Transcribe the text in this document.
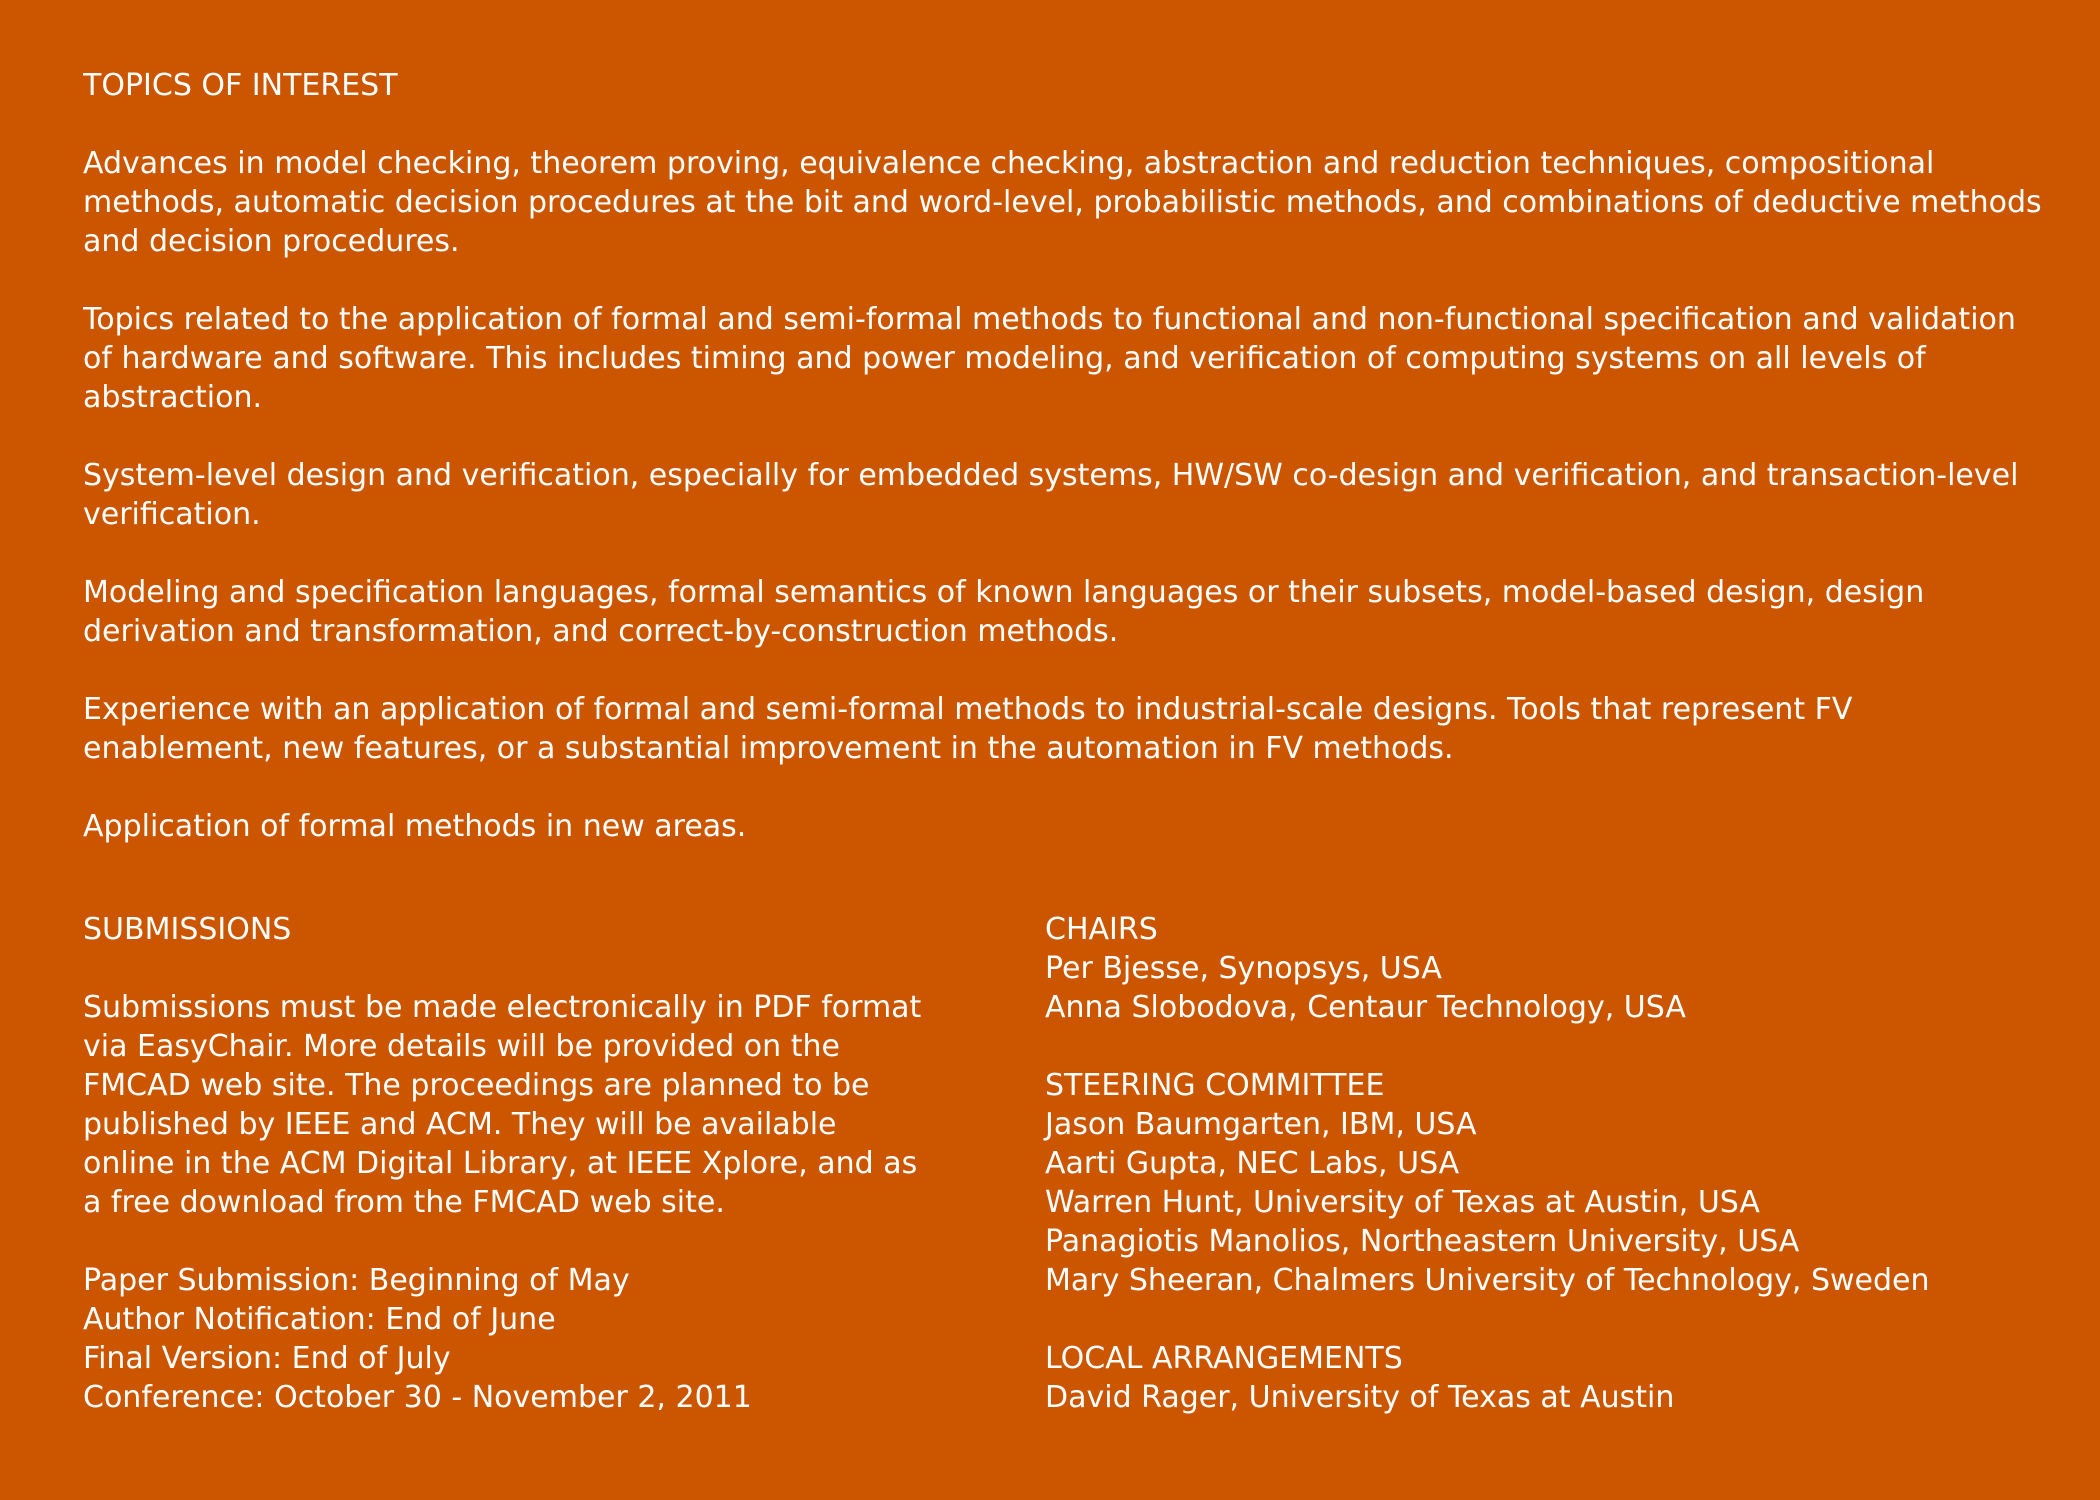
TOPICS OF INTEREST

Advances in model checking, theorem proving, equivalence checking, abstraction and reduction techniques, compositional methods, automatic decision procedures at the bit and word-level, probabilistic methods, and combinations of deductive methods and decision procedures.

Topics related to the application of formal and semi-formal methods to functional and non-functional specification and validation of hardware and software. This includes timing and power modeling, and verification of computing systems on all levels of abstraction.

System-level design and verification, especially for embedded systems, HW/SW co-design and verification, and transaction-level verification.

Modeling and specification languages, formal semantics of known languages or their subsets, model-based design, design derivation and transformation, and correct-by-construction methods.

Experience with an application of formal and semi-formal methods to industrial-scale designs. Tools that represent FV enablement, new features, or a substantial improvement in the automation in FV methods.

Application of formal methods in new areas.

SUBMISSIONS
Submissions must be made electronically in PDF format
via EasyChair. More details will be provided on the
FMCAD web site. The proceedings are planned to be
published by IEEE and ACM. They will be available
online in the ACM Digital Library, at IEEE Xplore, and as
a free download from the FMCAD web site.
Paper Submission: Beginning of May
Author Notification: End of June
Final Version: End of July
Conference: October 30 - November 2, 2011
CHAIRS
Per Bjesse, Synopsys, USA
Anna Slobodova, Centaur Technology, USA
STEERING COMMITTEE
Jason Baumgarten, IBM, USA
Aarti Gupta, NEC Labs, USA
Warren Hunt, University of Texas at Austin, USA
Panagiotis Manolios, Northeastern University, USA
Mary Sheeran, Chalmers University of Technology, Sweden
LOCAL ARRANGEMENTS
David Rager, University of Texas at Austin
